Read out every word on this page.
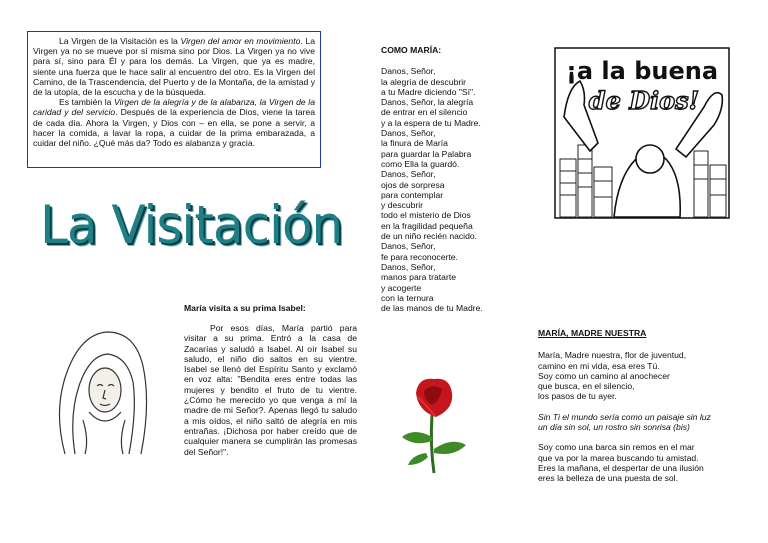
La Virgen de la Visitación es la Virgen del amor en movimiento. La Virgen ya no se mueve por sí misma sino por Dios. La Virgen ya no vive para sí, sino para Él y para los demás. La Virgen, que ya es madre, siente una fuerza que le hace salir al encuentro del otro. Es la Virgen del Camino, de la Trascendencia, del Puerto y de la Montaña, de la amistad y de la utopía, de la escucha y de la búsqueda.

Es también la Virgen de la alegría y de la alabanza, la Virgen de la caridad y del servicio. Después de la experiencia de Dios, viene la tarea de cada día. Ahora la Virgen, y Dios con – en ella, se pone a servir, a hacer la comida, a lavar la ropa, a cuidar de la prima embarazada, a cuidar del niño. ¿Qué más da? Todo es alabanza y gracia.

La Visitación
COMO MARÍA:
Danos, Señor,
la alegría de descubrir
a tu Madre diciendo "Sí".
Danos, Señor, la alegría
de entrar en el silencio
y a la espera de tu Madre.
Danos, Señor,
la finura de María
para guardar la Palabra
como Ella la guardó.
Danos, Señor,
ojos de sorpresa
para contemplar
y descubrir
todo el misterio de Dios
en la fragilidad pequeña
de un niño recién nacido.
Danos, Señor,
fe para reconocerte.
Danos, Señor,
manos para tratarte
y acogerte
con la ternura
de las manos de tu Madre.
¡a la buena
de Dios!
María visita a su prima Isabel:

Por esos días, María partió para visitar a su prima. Entró a la casa de Zacarías y saludó a Isabel. Al oír Isabel su saludo, el niño dio saltos en su vientre. Isabel se llenó del Espíritu Santo y exclamó en voz alta: "Bendita eres entre todas las mujeres y bendito el fruto de tu vientre. ¿Cómo he merecido yo que venga a mí la madre de mi Señor?. Apenas llegó tu saludo a mis oídos, el niño saltó de alegría en mis entrañas. ¡Dichosa por haber creído que de cualquier manera se cumplirán las promesas del Señor!".

MARÍA, MADRE NUESTRA
María, Madre nuestra, flor de juventud,
camino en mi vida, esa eres Tú.
Soy como un camino al anochecer
que busca, en el silencio,
los pasos de tu ayer.
Sin Ti el mundo sería como un paisaje sin luz
un día sin sol, un rostro sin sonrisa (bis)
Soy como una barca sin remos en el mar
que va por la marea buscando tu amistad.
Eres la mañana, el despertar de una ilusión
eres la belleza de una puesta de sol.
